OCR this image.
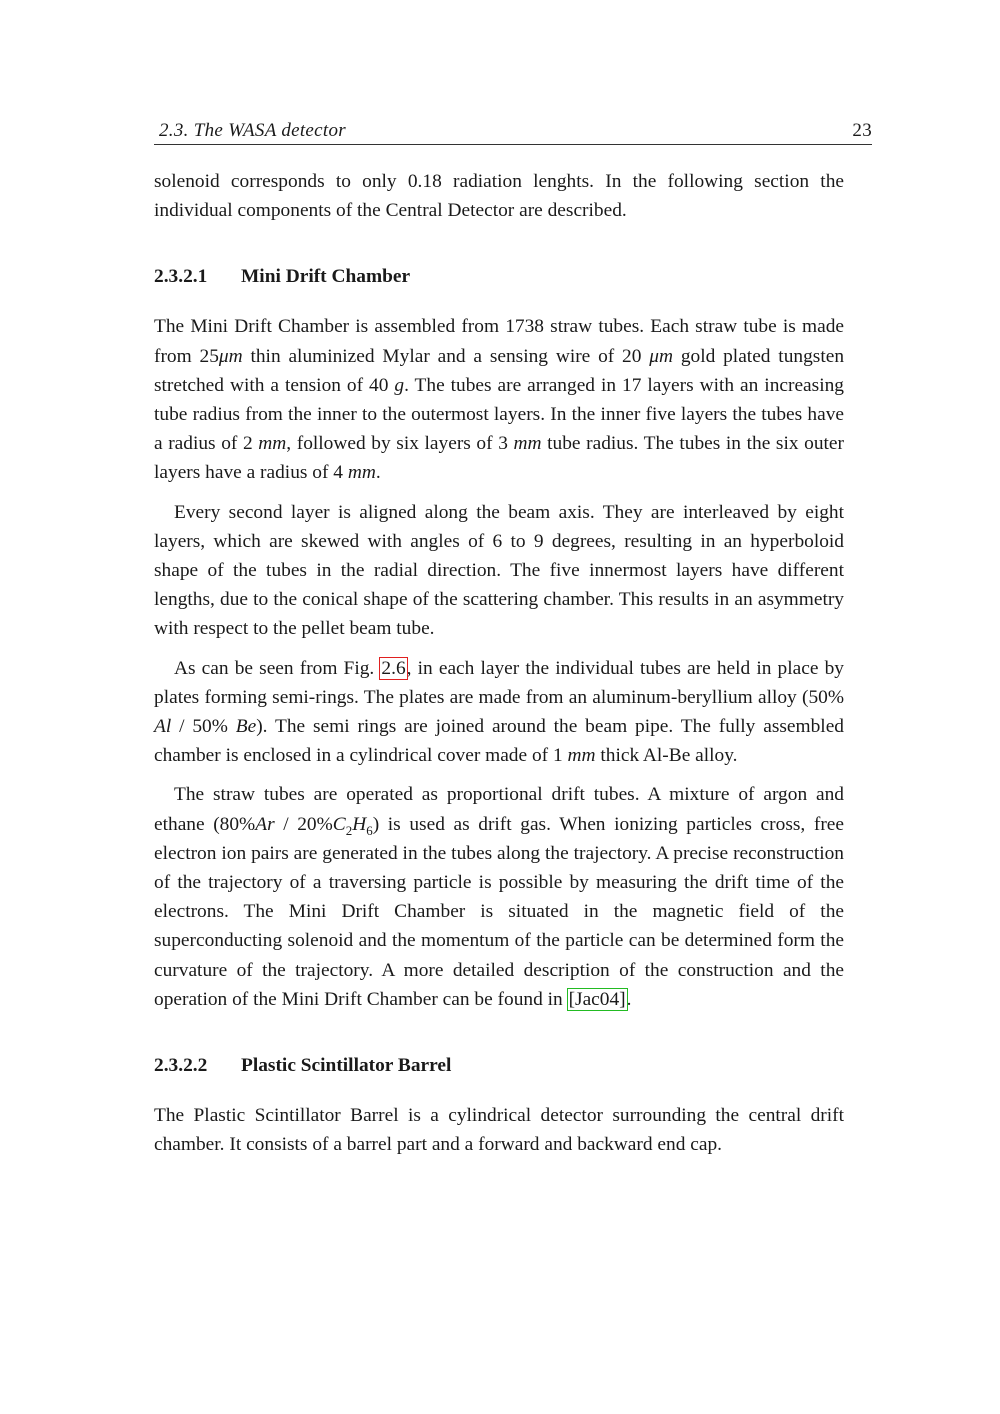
2.3. The WASA detector	23

solenoid corresponds to only 0.18 radiation lenghts. In the following section the individual components of the Central Detector are described.

2.3.2.1 Mini Drift Chamber

The Mini Drift Chamber is assembled from 1738 straw tubes. Each straw tube is made from 25μm thin aluminized Mylar and a sensing wire of 20 μm gold plated tungsten stretched with a tension of 40 g. The tubes are arranged in 17 layers with an increasing tube radius from the inner to the outermost layers. In the inner five layers the tubes have a radius of 2 mm, followed by six layers of 3 mm tube radius. The tubes in the six outer layers have a radius of 4 mm.

Every second layer is aligned along the beam axis. They are interleaved by eight layers, which are skewed with angles of 6 to 9 degrees, resulting in an hyperboloid shape of the tubes in the radial direction. The five innermost layers have different lengths, due to the conical shape of the scattering chamber. This results in an asymmetry with respect to the pellet beam tube.

As can be seen from Fig. 2.6, in each layer the individual tubes are held in place by plates forming semi-rings. The plates are made from an aluminum-beryllium alloy (50% Al / 50% Be). The semi rings are joined around the beam pipe. The fully assembled chamber is enclosed in a cylindrical cover made of 1 mm thick Al-Be alloy.

The straw tubes are operated as proportional drift tubes. A mixture of argon and ethane $(80\%Ar / 20\%C_2H_6)$ is used as drift gas. When ionizing particles cross, free electron ion pairs are generated in the tubes along the trajectory. A precise reconstruction of the trajectory of a traversing particle is possible by measuring the drift time of the electrons. The Mini Drift Chamber is situated in the magnetic field of the superconducting solenoid and the momentum of the particle can be determined form the curvature of the trajectory. A more detailed description of the construction and the operation of the Mini Drift Chamber can be found in [Jac04].

2.3.2.2 Plastic Scintillator Barrel

The Plastic Scintillator Barrel is a cylindrical detector surrounding the central drift chamber. It consists of a barrel part and a forward and backward end cap.
